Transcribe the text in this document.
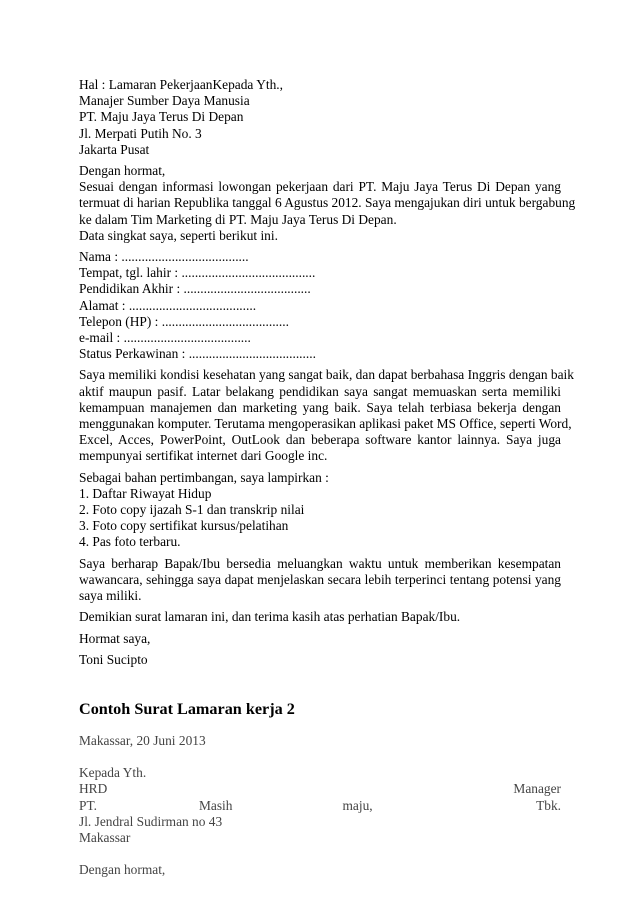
Hal : Lamaran PekerjaanKepada Yth.,
Manajer Sumber Daya Manusia
PT. Maju Jaya Terus Di Depan
Jl. Merpati Putih No. 3
Jakarta Pusat
Dengan hormat,
Sesuai dengan informasi lowongan pekerjaan dari PT. Maju Jaya Terus Di Depan yang
termuat di harian Republika tanggal 6 Agustus 2012. Saya mengajukan diri untuk bergabung
ke dalam Tim Marketing di PT. Maju Jaya Terus Di Depan.
Data singkat saya, seperti berikut ini.
Nama : ......................................
Tempat, tgl. lahir : ........................................
Pendidikan Akhir : ......................................
Alamat : ......................................
Telepon (HP) : ......................................
e-mail : ......................................
Status Perkawinan : ......................................
Saya memiliki kondisi kesehatan yang sangat baik, dan dapat berbahasa Inggris dengan baik
aktif maupun pasif. Latar belakang pendidikan saya sangat memuaskan serta memiliki
kemampuan manajemen dan marketing yang baik. Saya telah terbiasa bekerja dengan
menggunakan komputer. Terutama mengoperasikan aplikasi paket MS Office, seperti Word,
Excel, Acces, PowerPoint, OutLook dan beberapa software kantor lainnya. Saya juga
mempunyai sertifikat internet dari Google inc.
Sebagai bahan pertimbangan, saya lampirkan :
1. Daftar Riwayat Hidup
2. Foto copy ijazah S-1 dan transkrip nilai
3. Foto copy sertifikat kursus/pelatihan
4. Pas foto terbaru.
Saya berharap Bapak/Ibu bersedia meluangkan waktu untuk memberikan kesempatan
wawancara, sehingga saya dapat menjelaskan secara lebih terperinci tentang potensi yang
saya miliki.
Demikian surat lamaran ini, dan terima kasih atas perhatian Bapak/Ibu.
Hormat saya,
Toni Sucipto
Contoh Surat Lamaran kerja 2
Makassar, 20 Juni 2013
Kepada Yth.
Manager
HRD
PT.	Masih	maju,	Tbk.
Jl. Jendral Sudirman no 43
Makassar
Dengan hormat,
